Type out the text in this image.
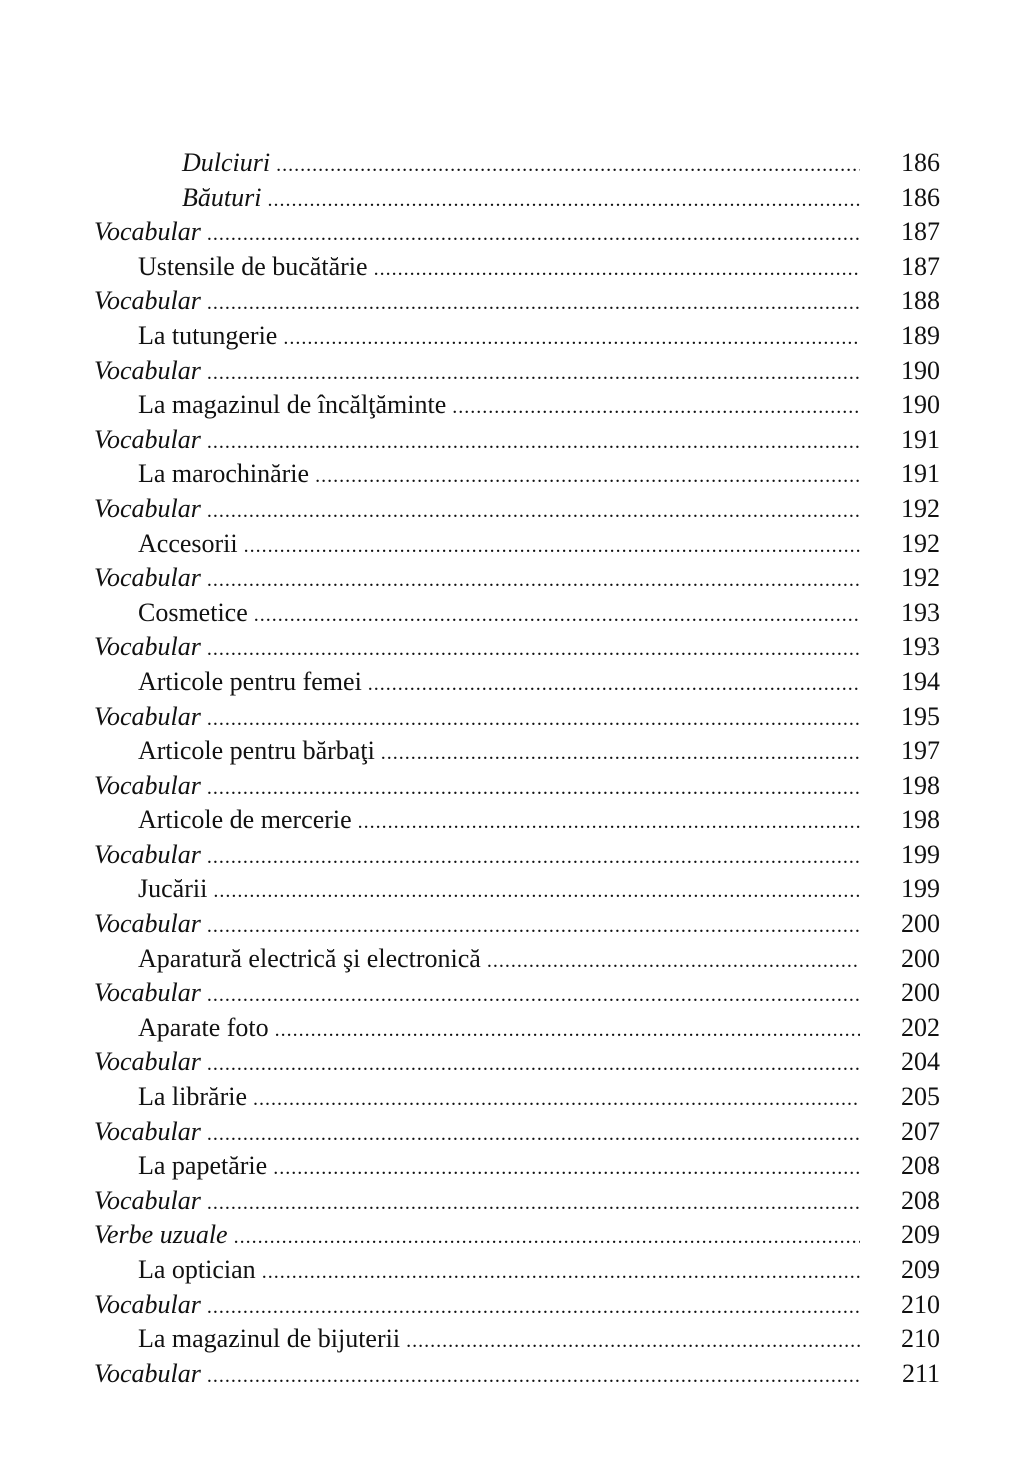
Dulciuri .....	186
Băuturi .....	186
Vocabular .....	187
Ustensile de bucătărie .....	187
Vocabular .....	188
La tutungerie .....	189
Vocabular .....	190
La magazinul de încălţăminte .....	190
Vocabular .....	191
La marochinărie .....	191
Vocabular .....	192
Accesorii .....	192
Vocabular .....	192
Cosmetice .....	193
Vocabular .....	193
Articole pentru femei .....	194
Vocabular .....	195
Articole pentru bărbaţi .....	197
Vocabular .....	198
Articole de mercerie .....	198
Vocabular .....	199
Jucării .....	199
Vocabular .....	200
Aparatură electrică şi electronică .....	200
Vocabular .....	200
Aparate foto .....	202
Vocabular .....	204
La librărie .....	205
Vocabular .....	207
La papetărie .....	208
Vocabular .....	208
Verbe uzuale .....	209
La optician .....	209
Vocabular .....	210
La magazinul de bijuterii .....	210
Vocabular .....	211
